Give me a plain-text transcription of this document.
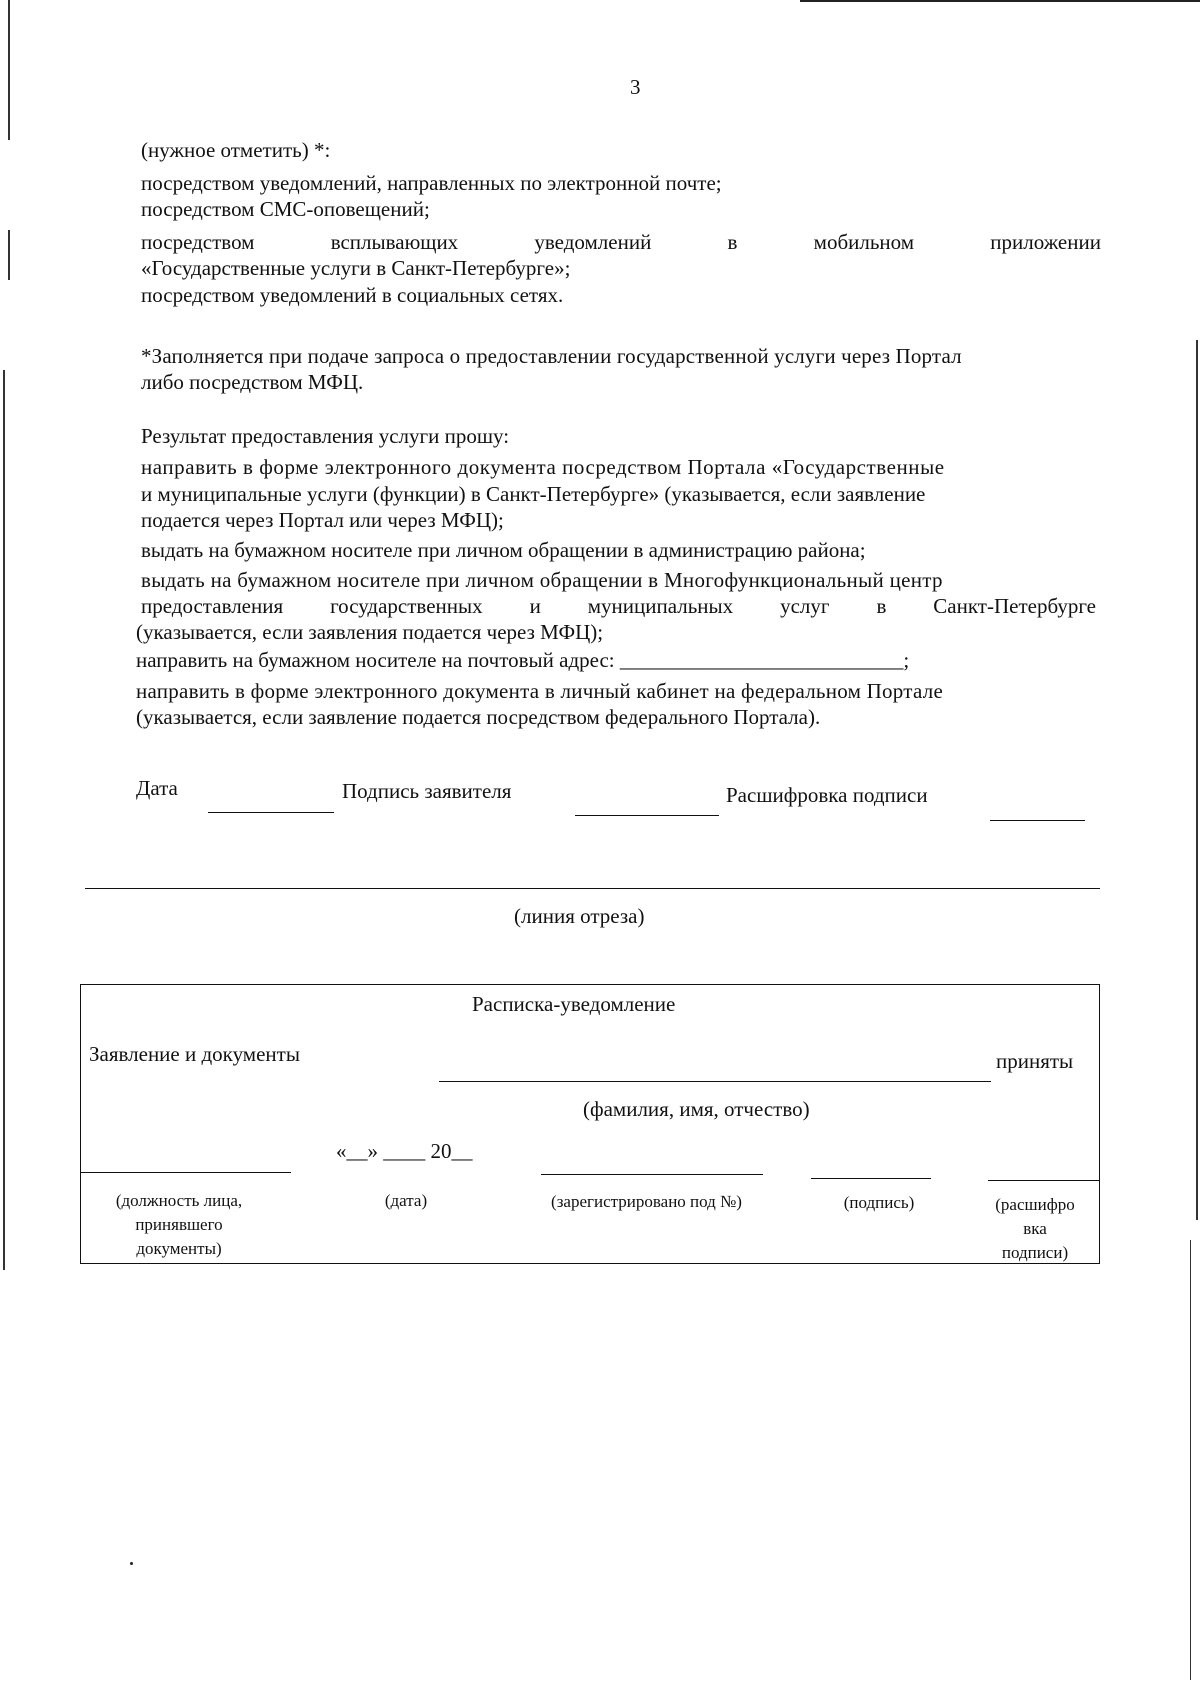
3
(нужное отметить) *:
посредством уведомлений, направленных по электронной почте;
посредством СМС-оповещений;
посредством	всплывающих	уведомлений	в	мобильном	приложении
«Государственные услуги в Санкт-Петербурге»;
посредством уведомлений в социальных сетях.
*Заполняется при подаче запроса о предоставлении государственной услуги через Портал
либо посредством МФЦ.
Результат предоставления услуги прошу:
направить в форме электронного документа посредством Портала «Государственные
и муниципальные услуги (функции) в Санкт-Петербурге» (указывается, если заявление
подается через Портал или через МФЦ);
выдать на бумажном носителе при личном обращении в администрацию района;
выдать на бумажном носителе при личном обращении в Многофункциональный центр
предоставления государственных и муниципальных услуг в Санкт-Петербурге
(указывается, если заявления подается через МФЦ);
направить на бумажном носителе на почтовый адрес: ___________________________;
направить в форме электронного документа в личный кабинет на федеральном Портале
(указывается, если заявление подается посредством федерального Портала).
Дата	Подпись заявителя	Расшифровка подписи
(линия отреза)
Расписка-уведомление
Заявление и документы	приняты
(фамилия, имя, отчество)
«__» ____ 20__
(должность лица, принявшего документы)
(дата)	(зарегистрировано под №)	(подпись)	(расшифро вка подписи)
